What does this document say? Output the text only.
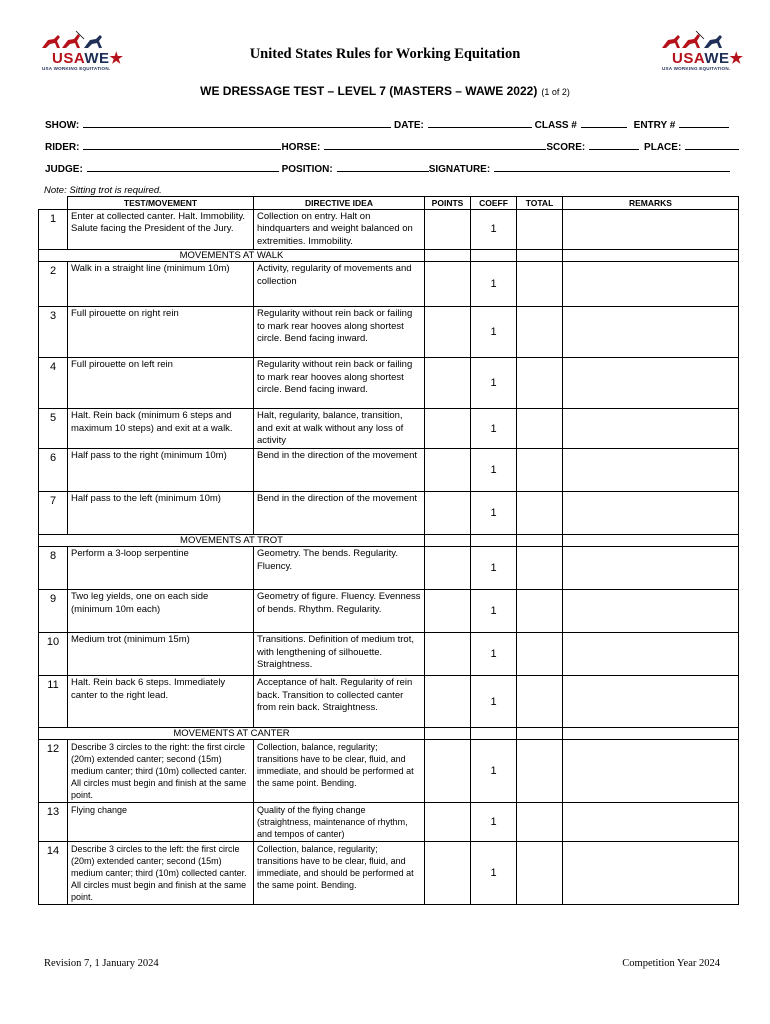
USAWE★
USA WORKING EQUITATION.
USAWE★
USA WORKING EQUITATION.
United States Rules for Working Equitation
WE DRESSAGE TEST – LEVEL 7 (MASTERS – WAWE 2022) (1 of 2)
SHOW:	DATE:	CLASS #	ENTRY #
RIDER:	HORSE:	SCORE:	PLACE:
JUDGE:	POSITION:	SIGNATURE:
Note: Sitting trot is required.
	TEST/MOVEMENT	DIRECTIVE IDEA	POINTS	COEFF	TOTAL	REMARKS
1	Enter at collected canter. Halt. Immobility. Salute facing the President of the Jury.	Collection on entry. Halt on hindquarters and weight balanced on extremities. Immobility.		1		
MOVEMENTS AT WALK						
2	Walk in a straight line (minimum 10m)	Activity, regularity of movements and collection		1		
3	Full pirouette on right rein	Regularity without rein back or failing to mark rear hooves along shortest circle. Bend facing inward.		1		
4	Full pirouette on left rein	Regularity without rein back or failing to mark rear hooves along shortest circle. Bend facing inward.		1		
5	Halt. Rein back (minimum 6 steps and maximum 10 steps) and exit at a walk.	Halt, regularity, balance, transition, and exit at walk without any loss of activity		1		
6	Half pass to the right (minimum 10m)	Bend in the direction of the movement		1		
7	Half pass to the left (minimum 10m)	Bend in the direction of the movement		1		
MOVEMENTS AT TROT						
8	Perform a 3-loop serpentine	Geometry. The bends. Regularity. Fluency.		1		
9	Two leg yields, one on each side (minimum 10m each)	Geometry of figure. Fluency. Evenness of bends. Rhythm. Regularity.		1		
10	Medium trot (minimum 15m)	Transitions. Definition of medium trot, with lengthening of silhouette. Straightness.		1		
11	Halt. Rein back 6 steps. Immediately canter to the right lead.	Acceptance of halt. Regularity of rein back. Transition to collected canter from rein back. Straightness.		1		
MOVEMENTS AT CANTER						
12	Describe 3 circles to the right: the first circle (20m) extended canter; second (15m) medium canter; third (10m) collected canter. All circles must begin and finish at the same point.	Collection, balance, regularity; transitions have to be clear, fluid, and immediate, and should be performed at the same point. Bending.		1		
13	Flying change	Quality of the flying change (straightness, maintenance of rhythm, and tempos of canter)		1		
14	Describe 3 circles to the left: the first circle (20m) extended canter; second (15m) medium canter; third (10m) collected canter. All circles must begin and finish at the same point.	Collection, balance, regularity; transitions have to be clear, fluid, and immediate, and should be performed at the same point. Bending.		1		
Revision 7, 1 January 2024	Competition Year 2024
